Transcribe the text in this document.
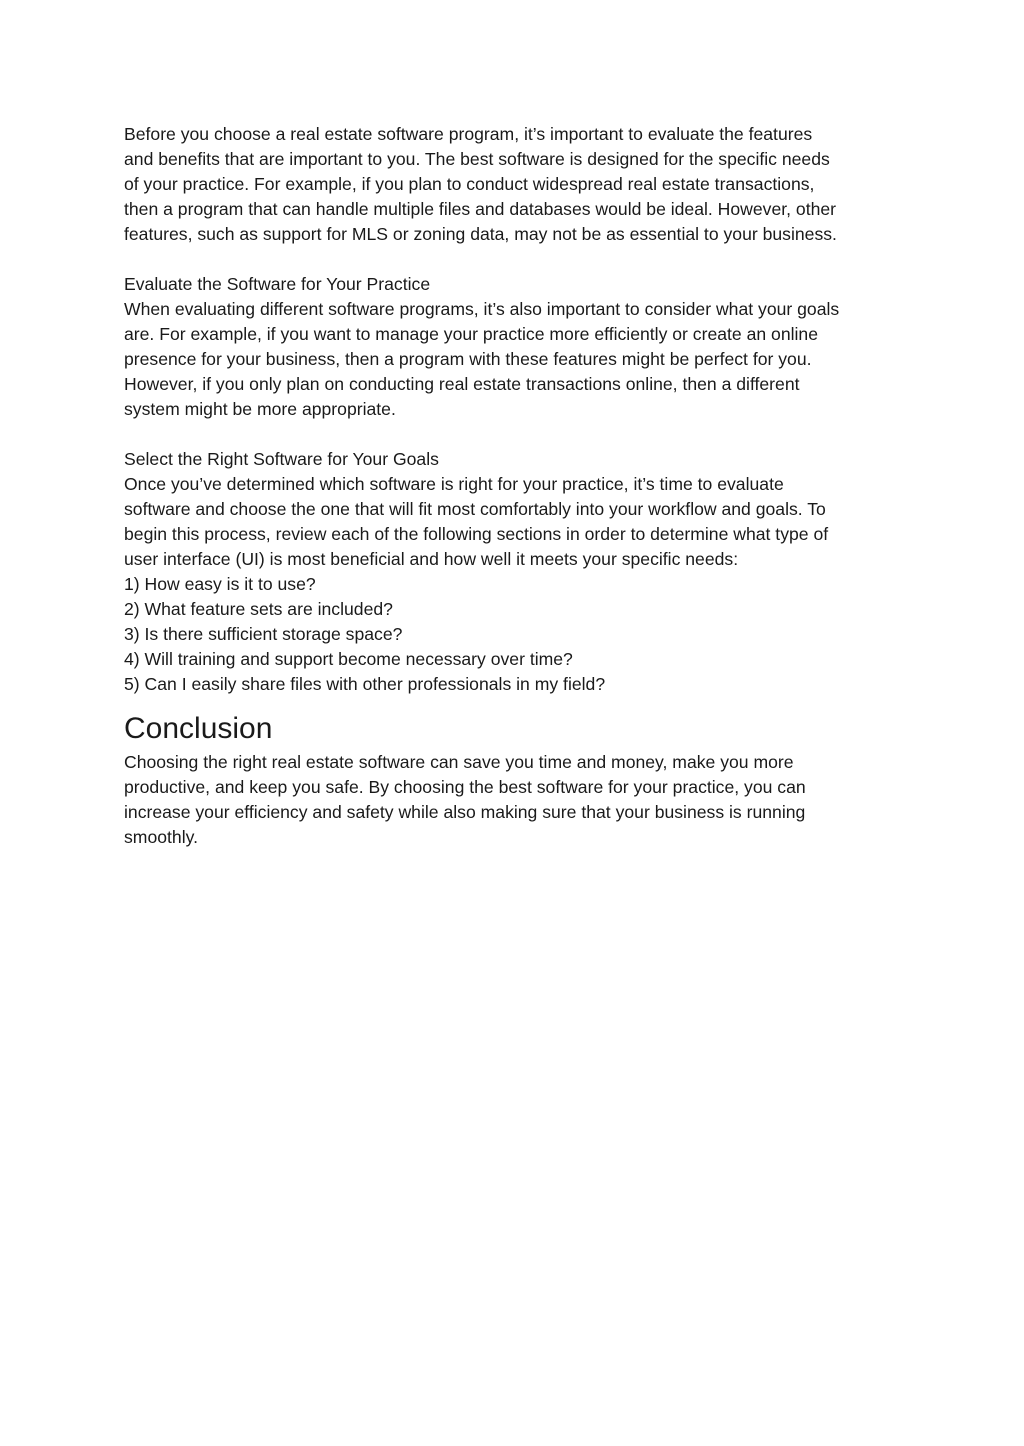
Before you choose a real estate software program, it’s important to evaluate the features
and benefits that are important to you. The best software is designed for the specific needs
of your practice. For example, if you plan to conduct widespread real estate transactions,
then a program that can handle multiple files and databases would be ideal. However, other
features, such as support for MLS or zoning data, may not be as essential to your business.
Evaluate the Software for Your Practice
When evaluating different software programs, it’s also important to consider what your goals
are. For example, if you want to manage your practice more efficiently or create an online
presence for your business, then a program with these features might be perfect for you.
However, if you only plan on conducting real estate transactions online, then a different
system might be more appropriate.
Select the Right Software for Your Goals
Once you’ve determined which software is right for your practice, it’s time to evaluate
software and choose the one that will fit most comfortably into your workflow and goals. To
begin this process, review each of the following sections in order to determine what type of
user interface (UI) is most beneficial and how well it meets your specific needs:
1) How easy is it to use?
2) What feature sets are included?
3) Is there sufficient storage space?
4) Will training and support become necessary over time?
5) Can I easily share files with other professionals in my field?
Conclusion
Choosing the right real estate software can save you time and money, make you more
productive, and keep you safe. By choosing the best software for your practice, you can
increase your efficiency and safety while also making sure that your business is running
smoothly.
